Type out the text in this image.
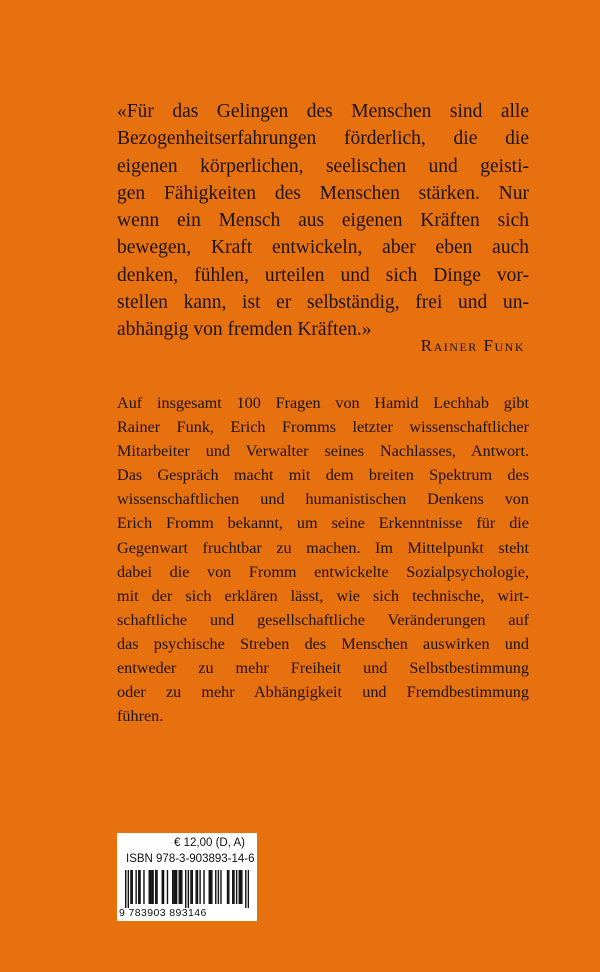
«Für das Gelingen des Menschen sind alle
Bezogenheitserfahrungen förderlich, die die
eigenen körperlichen, seelischen und geisti-
gen Fähigkeiten des Menschen stärken. Nur
wenn ein Mensch aus eigenen Kräften sich
bewegen, Kraft entwickeln, aber eben auch
denken, fühlen, urteilen und sich Dinge vor-
stellen kann, ist er selbständig, frei und un-
abhängig von fremden Kräften.»
Rainer Funk
Auf insgesamt 100 Fragen von Hamid Lechhab gibt
Rainer Funk, Erich Fromms letzter wissenschaftlicher
Mitarbeiter und Verwalter seines Nachlasses, Antwort.
Das Gespräch macht mit dem breiten Spektrum des
wissenschaftlichen und humanistischen Denkens von
Erich Fromm bekannt, um seine Erkenntnisse für die
Gegenwart fruchtbar zu machen. Im Mittelpunkt steht
dabei die von Fromm entwickelte Sozialpsychologie,
mit der sich erklären lässt, wie sich technische, wirt-
schaftliche und gesellschaftliche Veränderungen auf
das psychische Streben des Menschen auswirken und
entweder zu mehr Freiheit und Selbstbestimmung
oder zu mehr Abhängigkeit und Fremdbestimmung
führen.
€ 12,00 (D, A)
ISBN 978-3-903893-14-6
9 783903 893146
